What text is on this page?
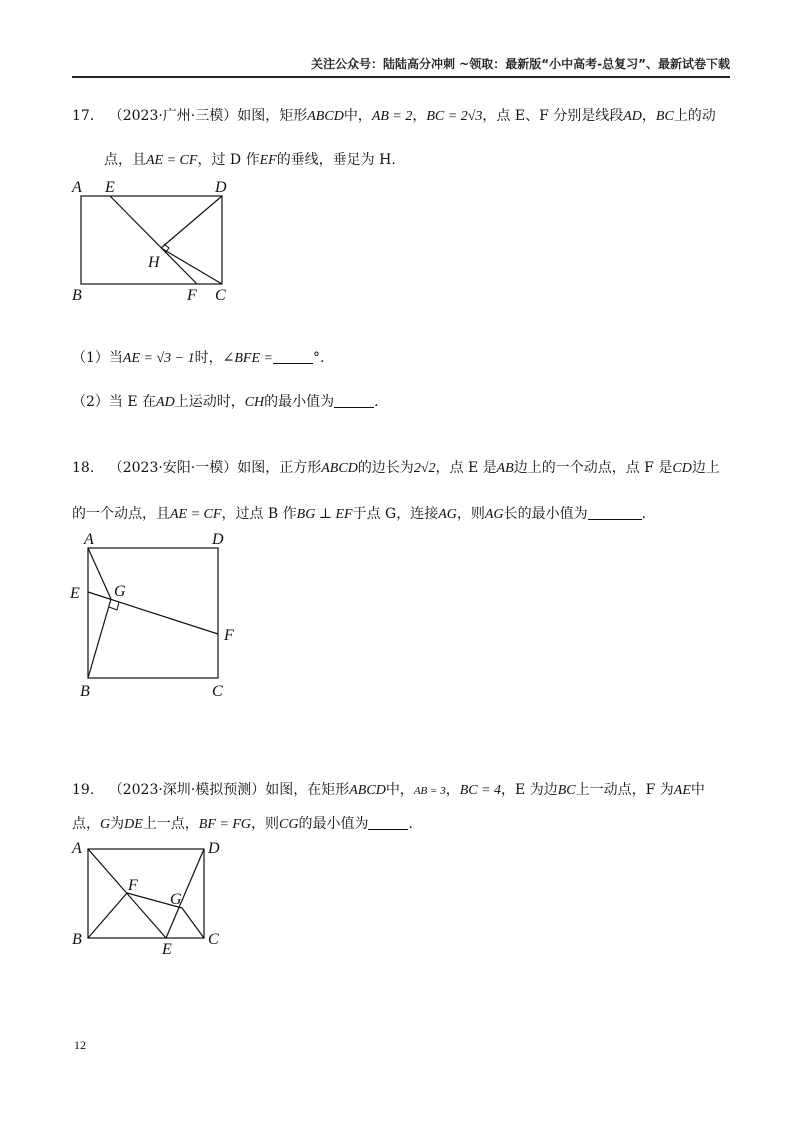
关注公众号：陆陆高分冲刺 ~领取：最新版“小中高考-总复习”、最新试卷下载
17. （2023·广州·三模）如图，矩形ABCD中，AB = 2，BC = 2√3，点 E、F 分别是线段AD，BC上的动
点，且AE = CF，过 D 作EF的垂线，垂足为 H.
A E	D
H
B	F C
（1）当AE = √3 − 1时，∠BFE =	°.
（2）当 E 在AD上运动时，CH的最小值为	.
18. （2023·安阳·一模）如图，正方形ABCD的边长为2√2，点 E 是AB边上的一个动点，点 F 是CD边上
的一个动点，且AE = CF，过点 B 作BG ⊥ EF于点 G，连接AG，则AG长的最小值为	.
A	D
E G
F
B	C
19. （2023·深圳·模拟预测）如图，在矩形ABCD中，AB = 3，BC = 4，E 为边BC上一动点，F 为AE中
点，G为DE上一点，BF = FG，则CG的最小值为	.
A	D
F
G
B
E
C
12
